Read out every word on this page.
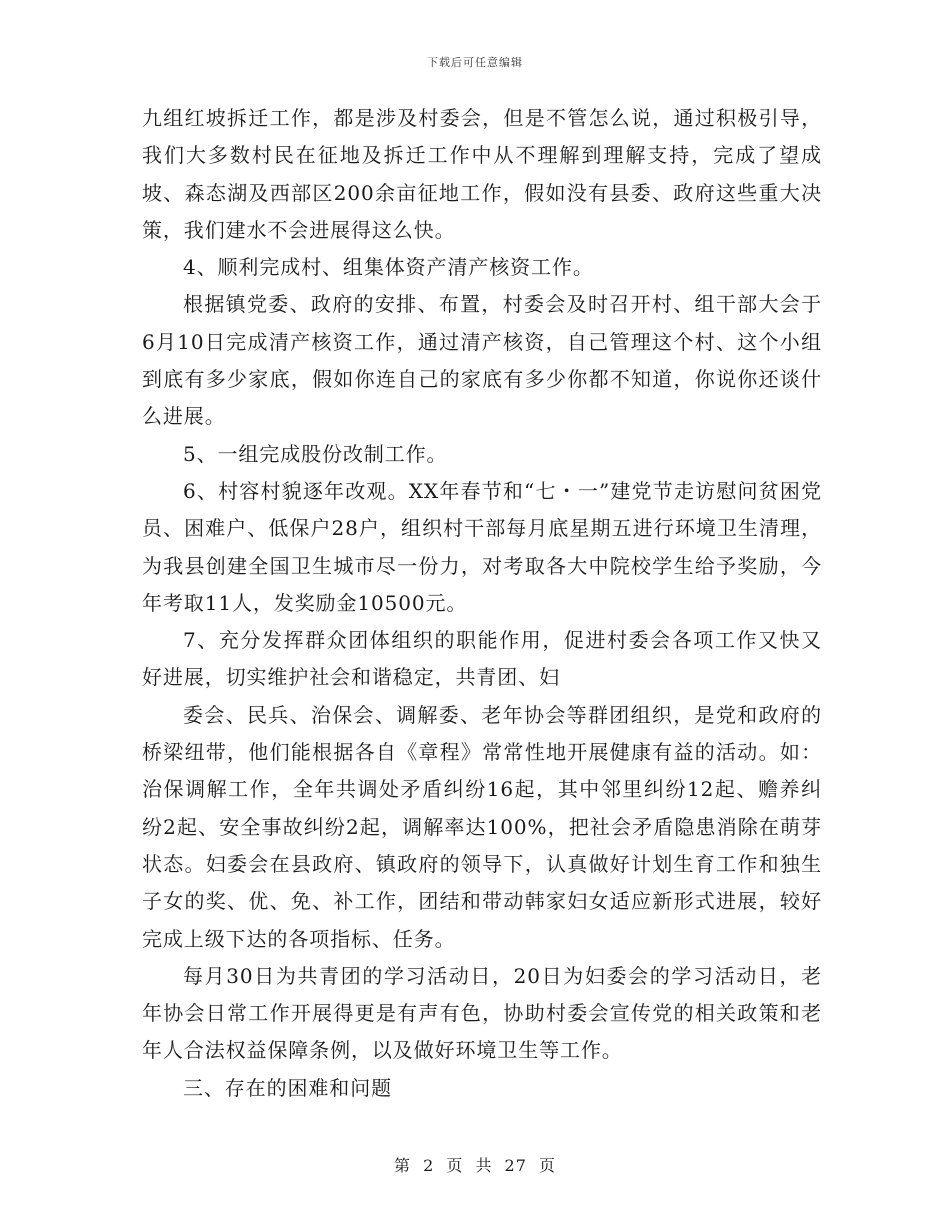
下载后可任意编辑

九组红坡拆迁工作，都是涉及村委会，但是不管怎么说，通过积极引导，我们大多数村民在征地及拆迁工作中从不理解到理解支持，完成了望成坡、森态湖及西部区200余亩征地工作，假如没有县委、政府这些重大决策，我们建水不会进展得这么快。

4、顺利完成村、组集体资产清产核资工作。

根据镇党委、政府的安排、布置，村委会及时召开村、组干部大会于6月10日完成清产核资工作，通过清产核资，自己管理这个村、这个小组到底有多少家底，假如你连自己的家底有多少你都不知道，你说你还谈什么进展。

5、一组完成股份改制工作。

6、村容村貌逐年改观。XX年春节和“七・一”建党节走访慰问贫困党员、困难户、低保户28户，组织村干部每月底星期五进行环境卫生清理，为我县创建全国卫生城市尽一份力，对考取各大中院校学生给予奖励，今年考取11人，发奖励金10500元。

7、充分发挥群众团体组织的职能作用，促进村委会各项工作又快又好进展，切实维护社会和谐稳定，共青团、妇

委会、民兵、治保会、调解委、老年协会等群团组织，是党和政府的桥梁纽带，他们能根据各自《章程》常常性地开展健康有益的活动。如：治保调解工作，全年共调处矛盾纠纷16起，其中邻里纠纷12起、赡养纠纷2起、安全事故纠纷2起，调解率达100%，把社会矛盾隐患消除在萌芽状态。妇委会在县政府、镇政府的领导下，认真做好计划生育工作和独生子女的奖、优、免、补工作，团结和带动韩家妇女适应新形式进展，较好完成上级下达的各项指标、任务。

每月30日为共青团的学习活动日，20日为妇委会的学习活动日，老年协会日常工作开展得更是有声有色，协助村委会宣传党的相关政策和老年人合法权益保障条例，以及做好环境卫生等工作。

三、存在的困难和问题

第 2 页 共 27 页
